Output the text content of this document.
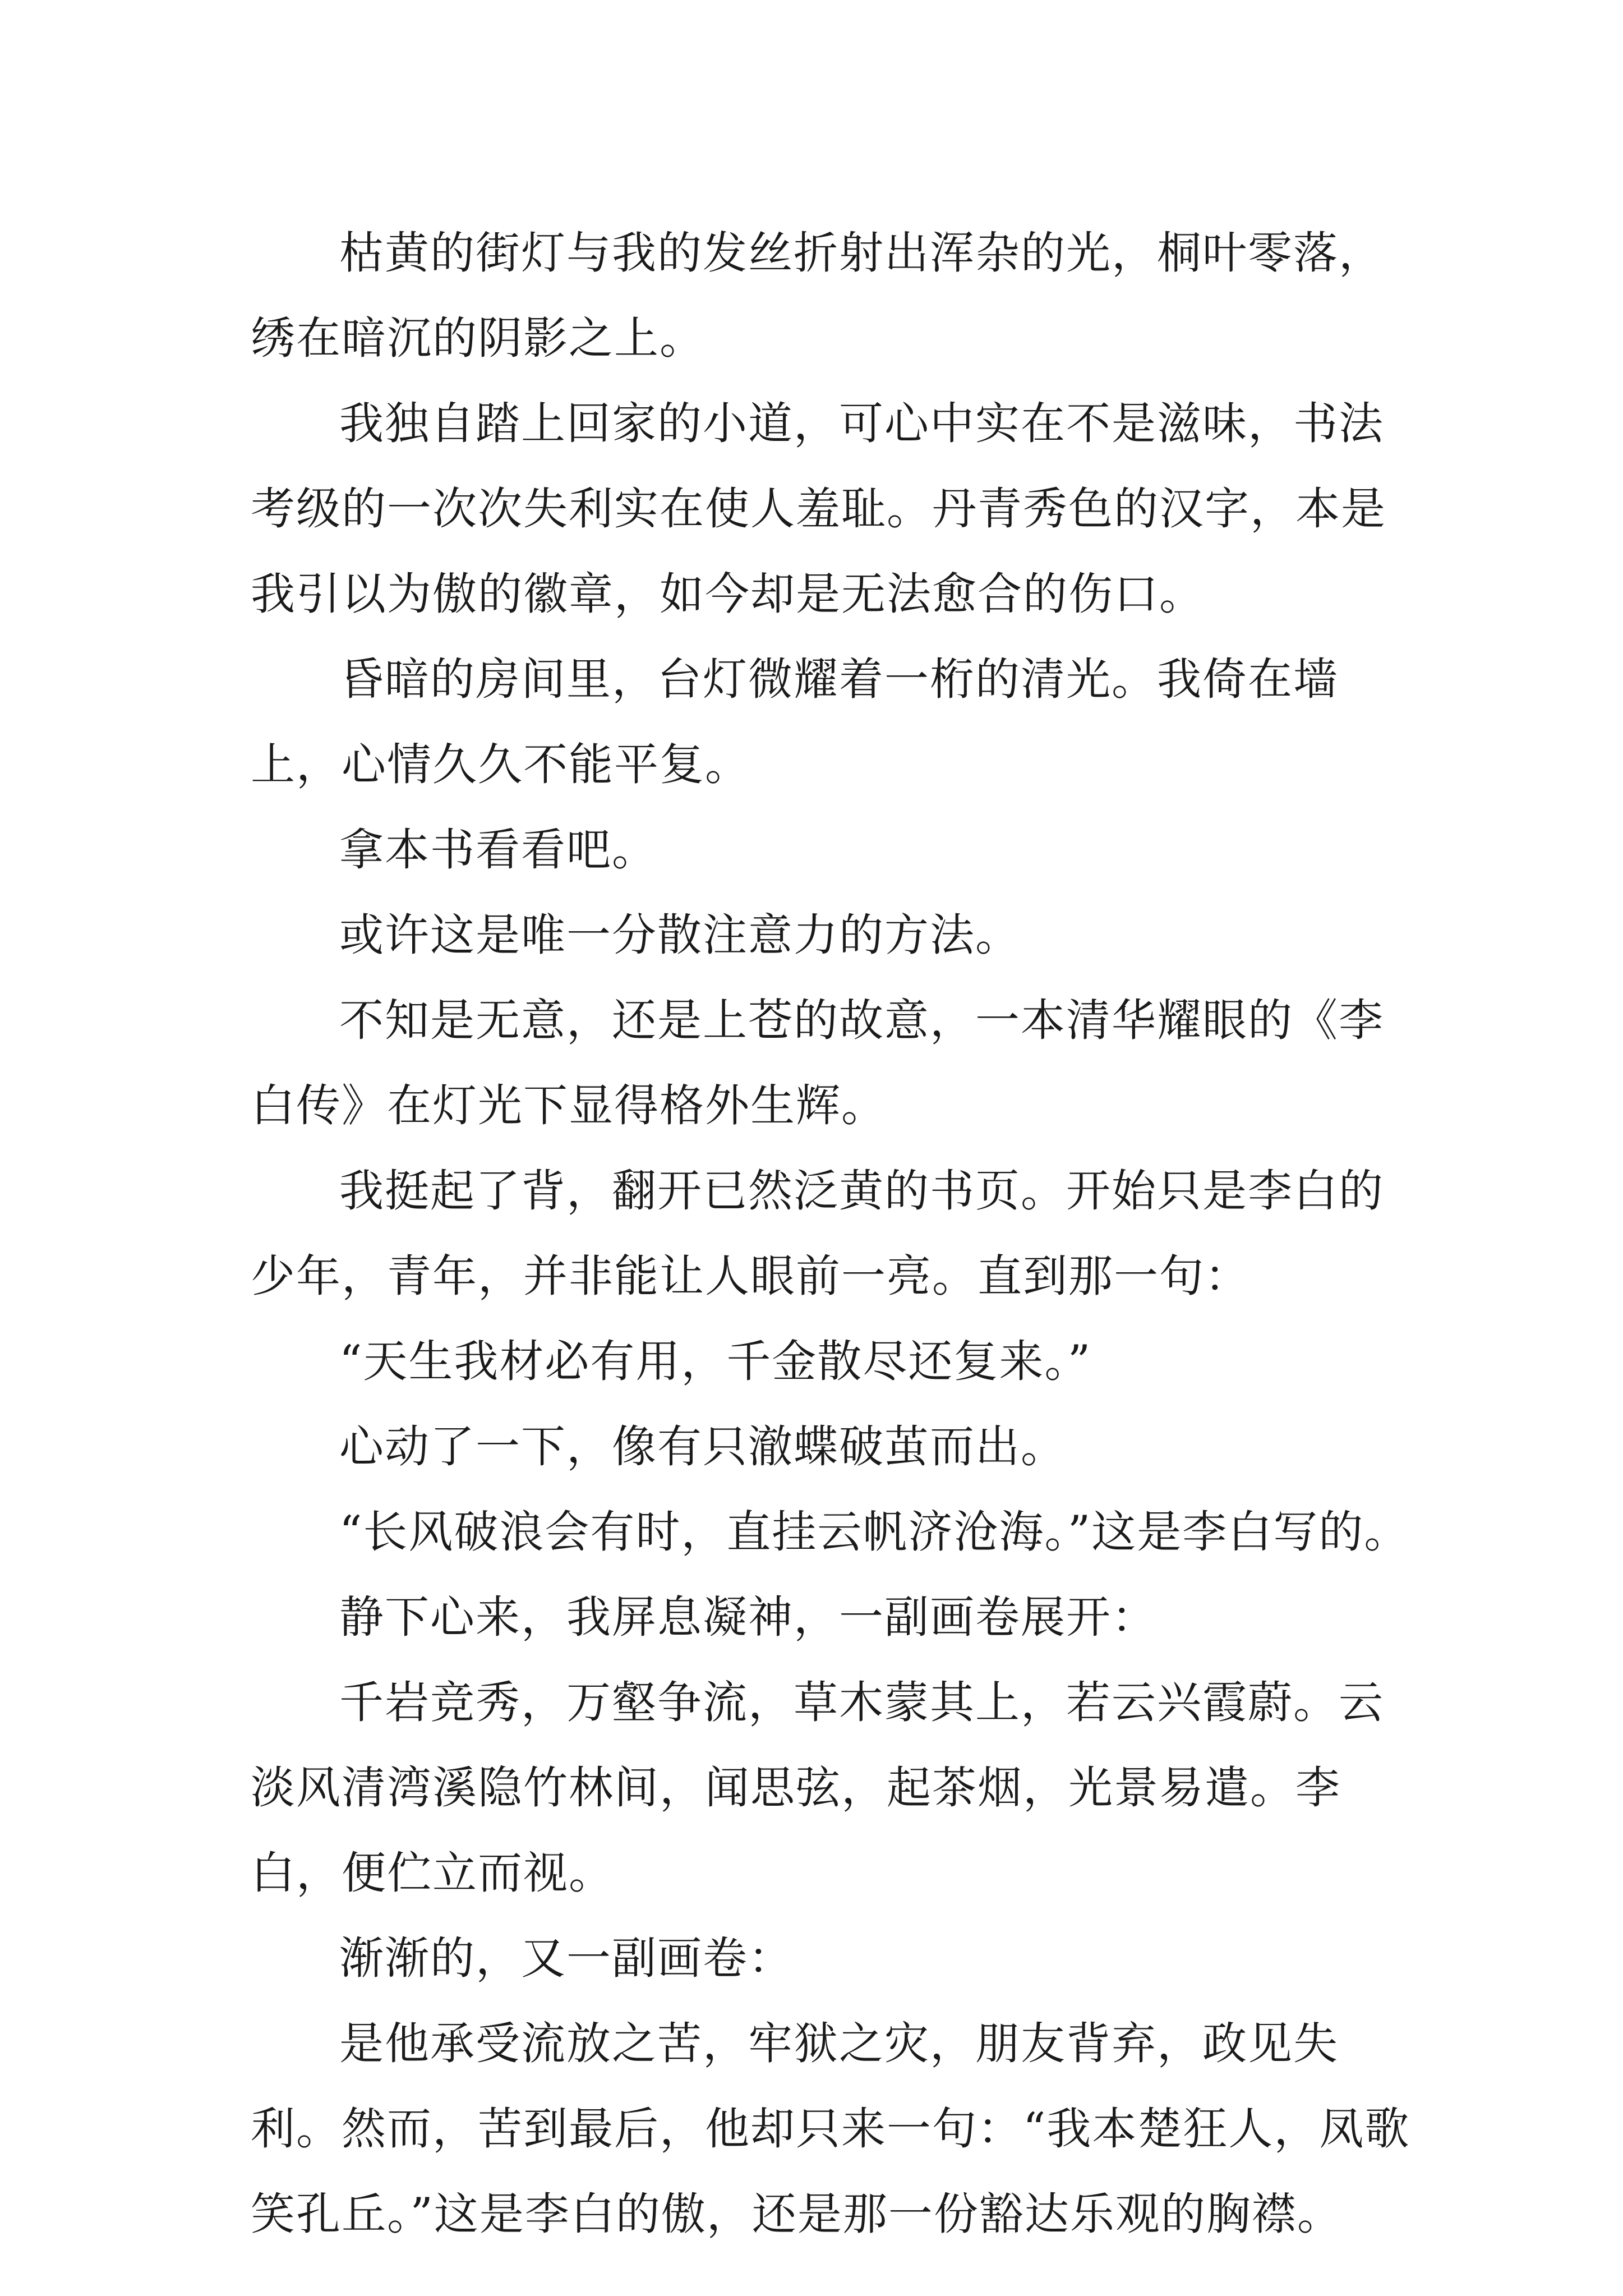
枯黄的街灯与我的发丝折射出浑杂的光，桐叶零落，绣在暗沉的阴影之上。

我独自踏上回家的小道，可心中实在不是滋味，书法考级的一次次失利实在使人羞耻。丹青秀色的汉字，本是我引以为傲的徽章，如今却是无法愈合的伤口。

昏暗的房间里，台灯微耀着一桁的清光。我倚在墙上，心情久久不能平复。

拿本书看看吧。

或许这是唯一分散注意力的方法。

不知是无意，还是上苍的故意，一本清华耀眼的《李白传》在灯光下显得格外生辉。

我挺起了背，翻开已然泛黄的书页。开始只是李白的少年，青年，并非能让人眼前一亮。直到那一句：

“天生我材必有用，千金散尽还复来。”

心动了一下，像有只澈蝶破茧而出。

“长风破浪会有时，直挂云帆济沧海。”这是李白写的。

静下心来，我屏息凝神，一副画卷展开：

千岩竞秀，万壑争流，草木蒙其上，若云兴霞蔚。云淡风清湾溪隐竹林间，闻思弦，起茶烟，光景易遣。李白，便伫立而视。

渐渐的，又一副画卷：

是他承受流放之苦，牢狱之灾，朋友背弃，政见失利。然而，苦到最后，他却只来一句：“我本楚狂人，凤歌笑孔丘。”这是李白的傲，还是那一份豁达乐观的胸襟。
